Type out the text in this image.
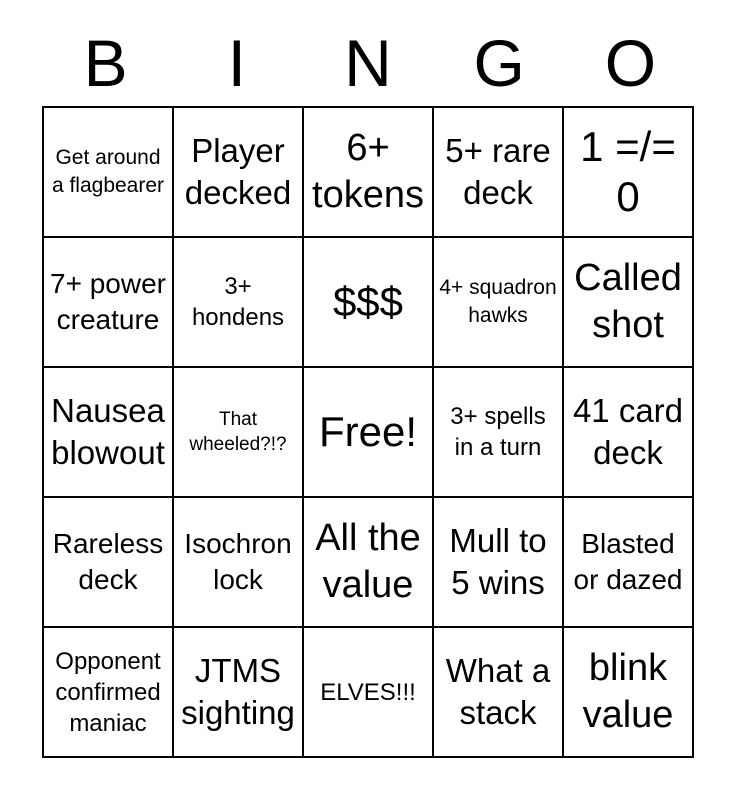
B	I	N	G	O
Get around a flagbearer	Player decked	6+ tokens	5+ rare deck	1 =/= 0
7+ power creature	3+ hondens	$$$	4+ squadron hawks	Called shot
Nausea blowout	That wheeled?!?	Free!	3+ spells in a turn	41 card deck
Rareless deck	Isochron lock	All the value	Mull to 5 wins	Blasted or dazed
Opponent confirmed maniac	JTMS sighting	ELVES!!!	What a stack	blink value
